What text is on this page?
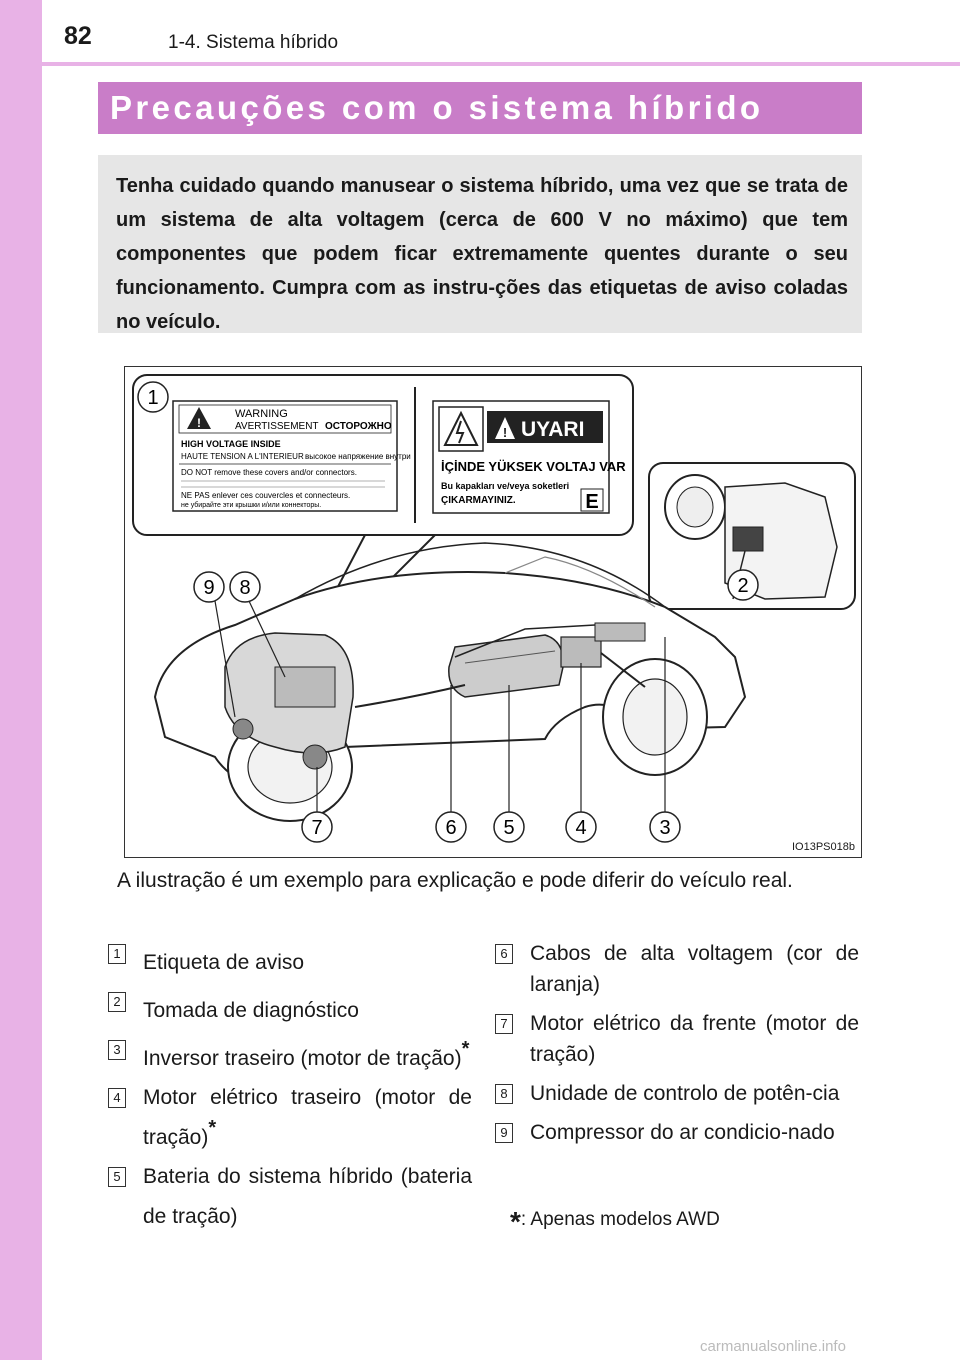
82	1-4. Sistema híbrido
Precauções com o sistema híbrido

Tenha cuidado quando manusear o sistema híbrido, uma vez que se trata de um sistema de alta voltagem (cerca de 600 V no máximo) que tem componentes que podem ficar extremamente quentes durante o seu funcionamento. Cumpra com as instru-ções das etiquetas de aviso coladas no veículo.

1
!
WARNING
AVERTISSEMENT ОСТОРОЖНО
HIGH VOLTAGE INSIDE
HAUTE TENSION A L'INTERIEUR высокое напряжение внутри
DO NOT remove these covers and/or connectors.
NE PAS enlever ces couvercles et connecteurs.
не убирайте эти крышки и/или коннекторы.
! UYARI
İÇİNDE YÜKSEK VOLTAJ VAR
Bu kapakları ve/veya soketleri
ÇIKARMAYINIZ.	E
2
9 8
7	6 5	4	3
IO13PS018b
A ilustração é um exemplo para explicação e pode diferir do veículo real.
1 Etiqueta de aviso
2 Tomada de diagnóstico
3 Inversor traseiro (motor de tração)*
4 Motor elétrico traseiro (motor de tração)*
5 Bateria do sistema híbrido (bateria de tração)
6 Cabos de alta voltagem (cor de laranja)
7 Motor elétrico da frente (motor de tração)
8 Unidade de controlo de potên-cia
9 Compressor do ar condicio-nado
*: Apenas modelos AWD
carmanualsonline.info
